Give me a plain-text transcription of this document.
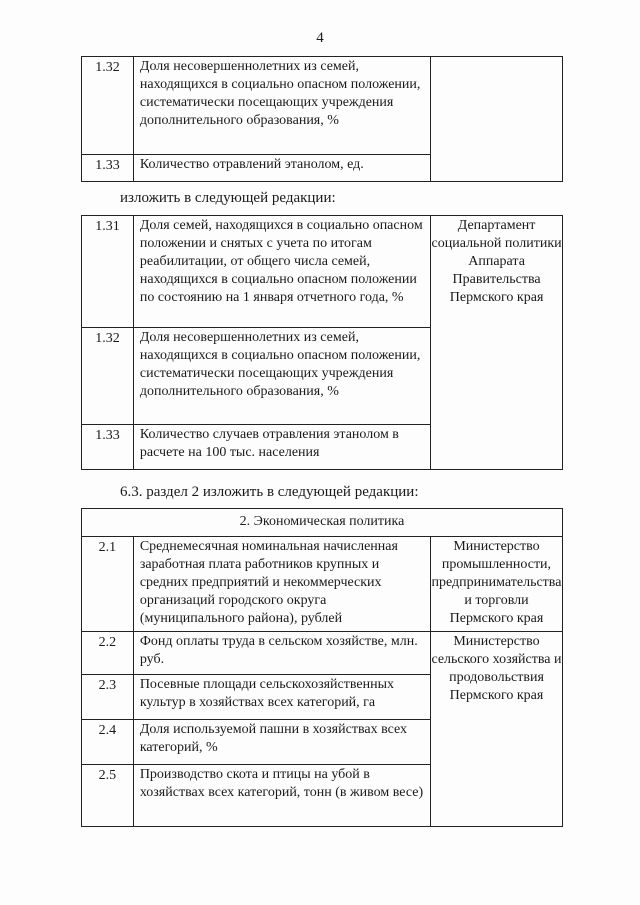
4
1.32	Доля несовершеннолетних из семей, находящихся в социально опасном положении, систематически посещающих учреждения дополнительного образования, %	
1.33	Количество отравлений этанолом, ед.	
изложить в следующей редакции:
1.31	Доля семей, находящихся в социально опасном положении и снятых с учета по итогам реабилитации, от общего числа семей, находящихся в социально опасном положении по состоянию на 1 января отчетного года, %	Департамент социальной политики Аппарата Правительства Пермского края
1.32	Доля несовершеннолетних из семей, находящихся в социально опасном положении, систематически посещающих учреждения дополнительного образования, %	
1.33	Количество случаев отравления этанолом в расчете на 100 тыс. населения	
6.3. раздел 2 изложить в следующей редакции:
2. Экономическая политика		
2.1	Среднемесячная номинальная начисленная заработная плата работников крупных и средних предприятий и некоммерческих организаций городского округа (муниципального района), рублей	Министерство промышленности, предпринимательства и торговли Пермского края
2.2	Фонд оплаты труда в сельском хозяйстве, млн. руб.	Министерство сельского хозяйства и продовольствия Пермского края
2.3	Посевные площади сельскохозяйственных культур в хозяйствах всех категорий, га	
2.4	Доля используемой пашни в хозяйствах всех категорий, %	
2.5	Производство скота и птицы на убой в хозяйствах всех категорий, тонн (в живом весе)	
